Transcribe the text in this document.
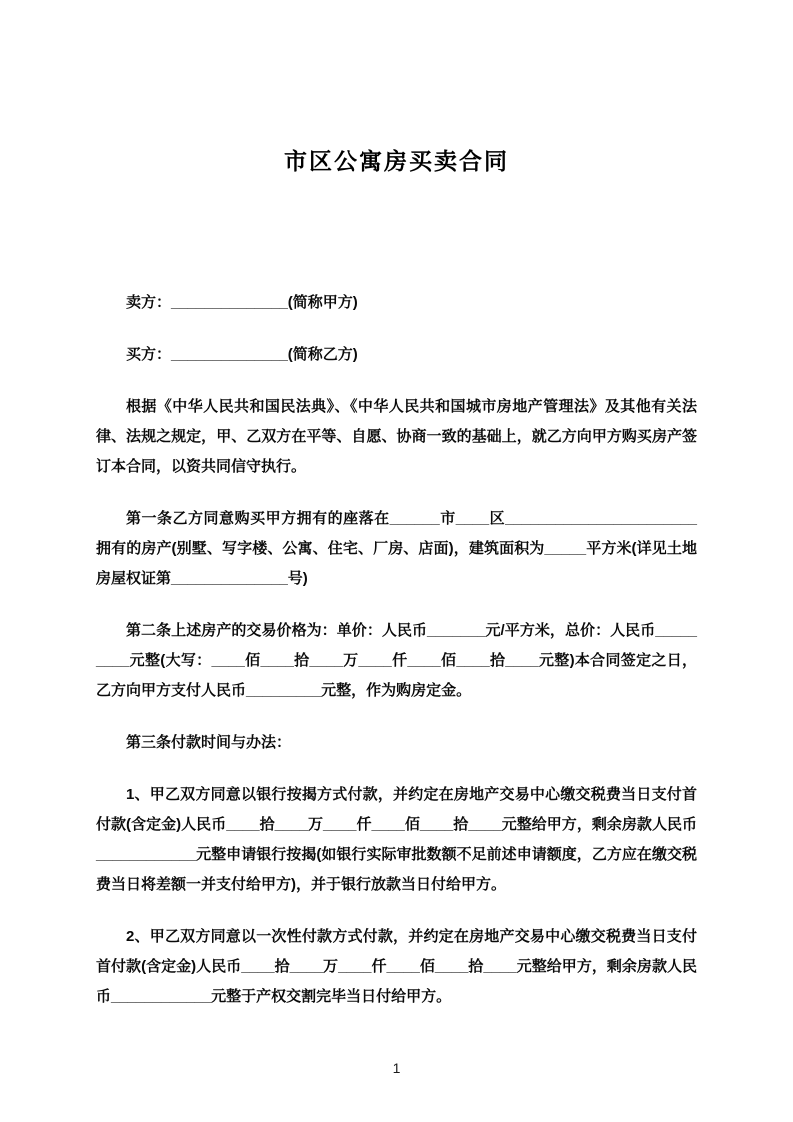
市区公寓房买卖合同

卖方：______________(简称甲方)

买方：______________(简称乙方)

根据《中华人民共和国民法典》、《中华人民共和国城市房地产管理法》及其他有关法律、法规之规定，甲、乙双方在平等、自愿、协商一致的基础上，就乙方向甲方购买房产签订本合同，以资共同信守执行。

第一条乙方同意购买甲方拥有的座落在______市____区_______________________拥有的房产(别墅、写字楼、公寓、住宅、厂房、店面)，建筑面积为_____平方米(详见土地房屋权证第______________号)

第二条上述房产的交易价格为：单价：人民币_______元/平方米，总价：人民币_________元整(大写：____佰____拾____万____仟____佰____拾____元整)本合同签定之日，乙方向甲方支付人民币_________元整，作为购房定金。

第三条付款时间与办法：

1、甲乙双方同意以银行按揭方式付款，并约定在房地产交易中心缴交税费当日支付首付款(含定金)人民币____拾____万____仟____佰____拾____元整给甲方，剩余房款人民币____________元整申请银行按揭(如银行实际审批数额不足前述申请额度，乙方应在缴交税费当日将差额一并支付给甲方)，并于银行放款当日付给甲方。

2、甲乙双方同意以一次性付款方式付款，并约定在房地产交易中心缴交税费当日支付首付款(含定金)人民币____拾____万____仟____佰____拾____元整给甲方，剩余房款人民币____________元整于产权交割完毕当日付给甲方。

1
